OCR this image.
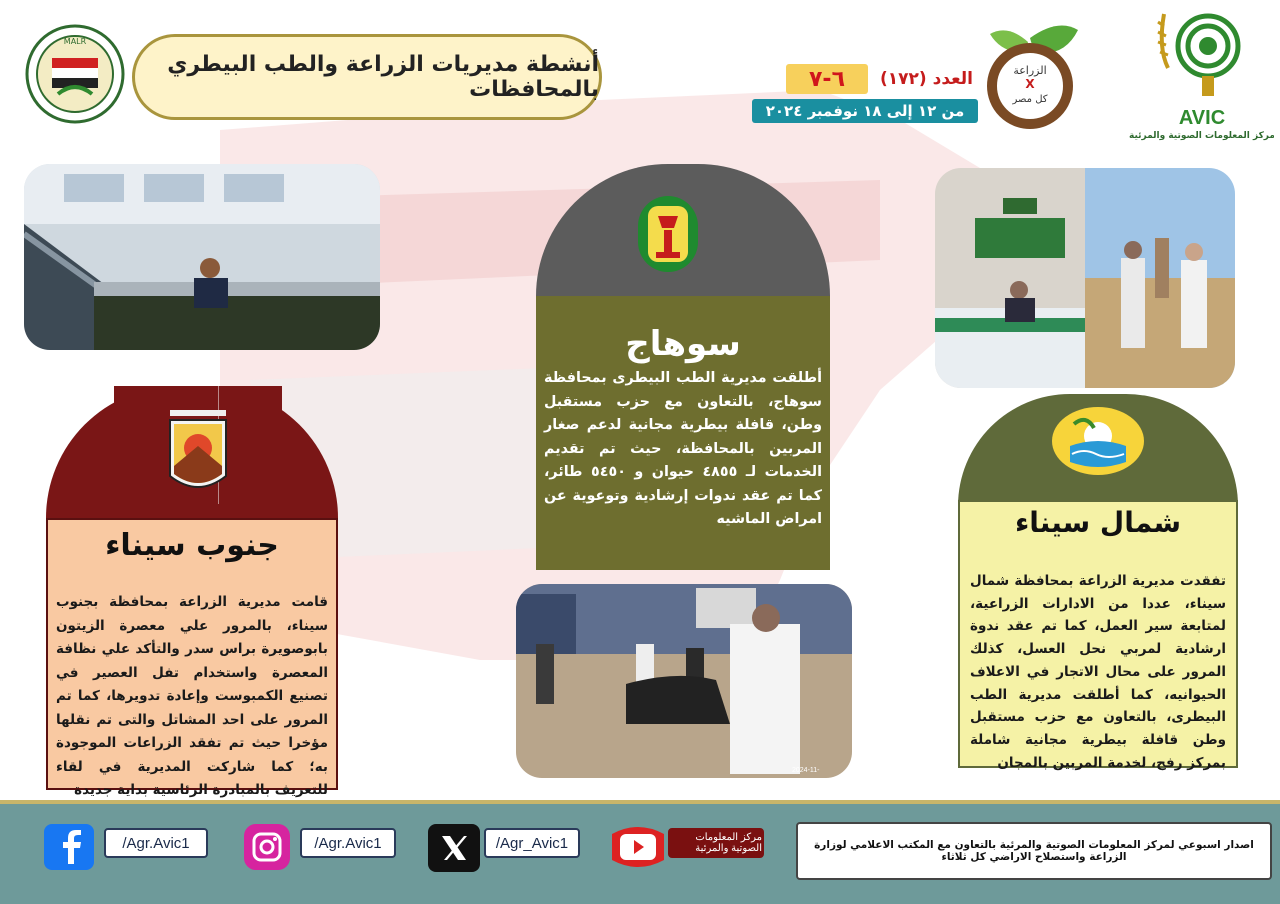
MALR
أنشطة مديريات الزراعة والطب البيطري بالمحافظات	العدد (١٧٢)
٦-٧
من ١٢ إلى ١٨ نوفمبر ٢٠٢٤
الزراعة
X
كل مصر
AVIC
مركز المعلومات الصوتية والمرئية
2024-11-
سوهاج
أطلقت مديرية الطب البيطرى بمحافظة سوهاج، بالتعاون مع حزب مستقبل وطن، قافلة بيطرية مجانية لدعم صغار المربين بالمحافظة، حيث تم تقديم الخدمات لـ ٤٨٥٥ حيوان و ٥٤٥٠ طائر، كما تم عقد ندوات إرشادية وتوعوية عن امراض الماشيه
جنوب سيناء
قامت مديرية الزراعة بمحافظة بجنوب سيناء، بالمرور علي معصرة الزيتون بابوصويرة براس سدر والتأكد علي نظافة المعصرة واستخدام تفل العصير في تصنيع الكمبوست وإعادة تدويرها، كما تم المرور على احد المشاتل والتى تم نقلها مؤخرا حيث تم تفقد الزراعات الموجودة به؛ كما شاركت المديرية في لقاء للتعريف بالمبادرة الرئاسية بداية جديدة
شمال سيناء
تفقدت مديرية الزراعة بمحافظة شمال سيناء، عددا من الادارات الزراعية، لمتابعة سير العمل، كما تم عقد ندوة ارشادية لمربي نحل العسل، كذلك المرور على محال الاتجار في الاعلاف الحيوانيه، كما أطلقت مديرية الطب البيطرى، بالتعاون مع حزب مستقبل وطن قافلة بيطرية مجانية شاملة بمركز رفح، لخدمة المربين بالمجان
/Agr.Avic1	/Agr.Avic1	/Agr_Avic1	مركز المعلومات الصوتية والمرئية	اصدار اسبوعي لمركز المعلومات الصوتية والمرئية بالتعاون مع المكتب الاعلامي لوزارة الزراعة واستصلاح الاراضي كل ثلاثاء
